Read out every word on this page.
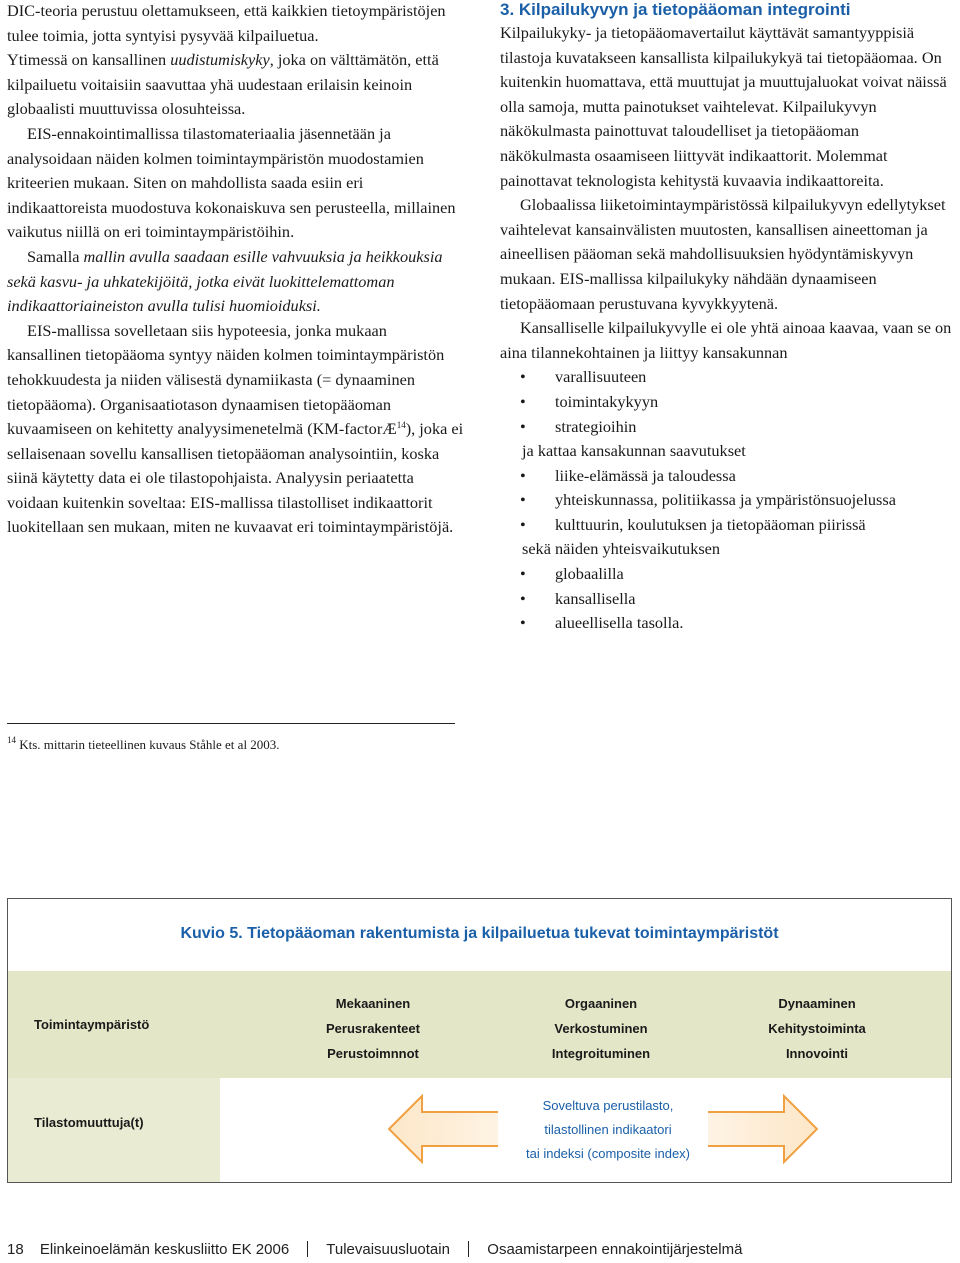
DIC-teoria perustuu olettamukseen, että kaikkien tietoympäristöjen tulee toimia, jotta syntyisi pysyvää kilpailuetua.

Ytimessä on kansallinen uudistumiskyky, joka on välttämätön, että kilpailuetu voitaisiin saavuttaa yhä uudestaan erilaisin keinoin globaalisti muuttuvissa olosuhteissa.

EIS-ennakointimallissa tilastomateriaalia jäsennetään ja analysoidaan näiden kolmen toimintaympäristön muodostamien kriteerien mukaan. Siten on mahdollista saada esiin eri indikaattoreista muodostuva kokonaiskuva sen perusteella, millainen vaikutus niillä on eri toimintaympäristöihin.

Samalla mallin avulla saadaan esille vahvuuksia ja heikkouksia sekä kasvu- ja uhkatekijöitä, jotka eivät luokittelemattoman indikaattoriaineiston avulla tulisi huomioiduksi.

EIS-mallissa sovelletaan siis hypoteesia, jonka mukaan kansallinen tietopääoma syntyy näiden kolmen toimintaympäristön tehokkuudesta ja niiden välisestä dynamiikasta (= dynaaminen tietopääoma). Organisaatiotason dynaamisen tietopääoman kuvaamiseen on kehitetty analyysimenetelmä (KM-factorÆ$^{14}$), joka ei sellaisenaan sovellu kansallisen tietopääoman analysointiin, koska siinä käytetty data ei ole tilastopohjaista. Analyysin periaatetta voidaan kuitenkin soveltaa: EIS-mallissa tilastolliset indikaattorit luokitellaan sen mukaan, miten ne kuvaavat eri toimintaympäristöjä.

3. Kilpailukyvyn ja tietopääoman integrointi

Kilpailukyky- ja tietopääomavertailut käyttävät samantyyppisiä tilastoja kuvatakseen kansallista kilpailukykyä tai tietopääomaa. On kuitenkin huomattava, että muuttujat ja muuttujaluokat voivat näissä olla samoja, mutta painotukset vaihtelevat. Kilpailukyvyn näkökulmasta painottuvat taloudelliset ja tietopääoman näkökulmasta osaamiseen liittyvät indikaattorit. Molemmat painottavat teknologista kehitystä kuvaavia indikaattoreita.

Globaalissa liiketoimintaympäristössä kilpailukyvyn edellytykset vaihtelevat kansainvälisten muutosten, kansallisen aineettoman ja aineellisen pääoman sekä mahdollisuuksien hyödyntämiskyvyn mukaan. EIS-mallissa kilpailukyky nähdään dynaamiseen tietopääomaan perustuvana kyvykkyytenä.

Kansalliselle kilpailukyvylle ei ole yhtä ainoaa kaavaa, vaan se on aina tilannekohtainen ja liittyy kansakunnan

• varallisuuteen
• toimintakykyyn
• strategioihin

ja kattaa kansakunnan saavutukset

• liike-elämässä ja taloudessa
• yhteiskunnassa, politiikassa ja ympäristönsuojelussa
• kulttuurin, koulutuksen ja tietopääoman piirissä

sekä näiden yhteisvaikutuksen

• globaalilla
• kansallisella
• alueellisella tasolla.
$^{14}$ Kts. mittarin tieteellinen kuvaus Ståhle et al 2003.
Kuvio 5. Tietopääoman rakentumista ja kilpailuetua tukevat toimintaympäristöt
Toimintaympäristö
Mekaaninen
Perusrakenteet
Perustoimnnot
Orgaaninen
Verkostuminen
Integroituminen
Dynaaminen
Kehitystoiminta
Innovointi
Tilastomuuttuja(t)
Soveltuva perustilasto,
tilastollinen indikaatori
tai indeksi (composite index)
18 Elinkeinoelämän keskusliitto EK 2006 Tulevaisuusluotain Osaamistarpeen ennakointijärjestelmä
